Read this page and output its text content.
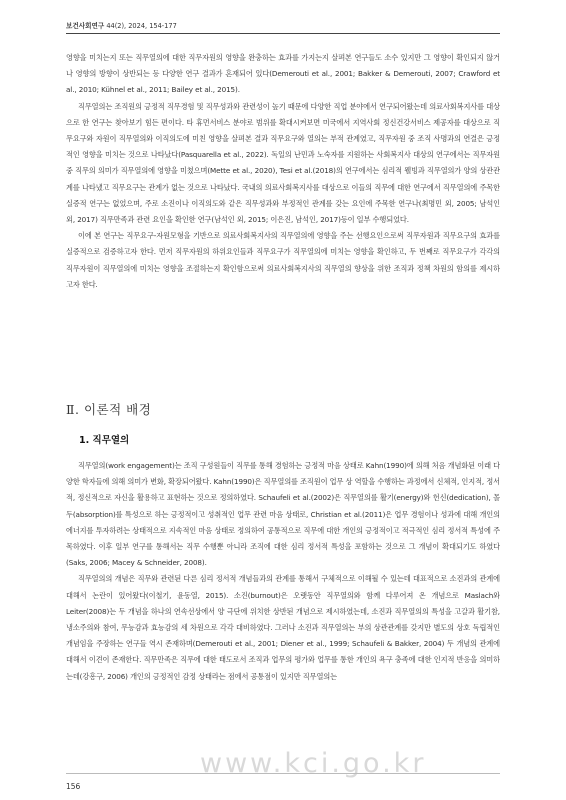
보건사회연구 44(2), 2024, 154-177

영향을 미치는지 또는 직무열의에 대한 직무자원의 영향을 완충하는 효과를 가지는지 살펴본 연구들도 소수 있지만 그 영향이 확인되지 않거나 영향의 방향이 상반되는 등 다양한 연구 결과가 혼재되어 있다(Demerouti et al., 2001; Bakker & Demerouti, 2007; Crawford et al., 2010; Kühnel et al., 2011; Bailey et al., 2015).

직무열의는 조직원의 긍정적 직무경험 및 직무성과와 관련성이 높기 때문에 다양한 직업 분야에서 연구되어왔는데 의료사회복지사를 대상으로 한 연구는 찾아보기 힘든 편이다. 타 휴먼서비스 분야로 범위를 확대시켜보면 미국에서 지역사회 정신건강서비스 제공자를 대상으로 직무요구와 자원이 직무열의와 이직의도에 미친 영향을 살펴본 결과 직무요구와 열의는 부적 관계였고, 직무자원 중 조직 사명과의 연결은 긍정적인 영향을 미치는 것으로 나타났다(Pasquarella et al., 2022). 독일의 난민과 노숙자를 지원하는 사회복지사 대상의 연구에서는 직무자원 중 직무의 의미가 직무열의에 영향을 미쳤으며(Mette et al., 2020), Tesi et al.(2018)의 연구에서는 심리적 웰빙과 직무열의가 양의 상관관계를 나타냈고 직무요구는 관계가 없는 것으로 나타났다. 국내의 의료사회복지사를 대상으로 이들의 직무에 대한 연구에서 직무열의에 주목한 실증적 연구는 없었으며, 주로 소진이나 이직의도와 같은 직무성과와 부정적인 관계를 갖는 요인에 주목한 연구나(최명민 외, 2005; 남석인 외, 2017) 직무만족과 관련 요인을 확인한 연구(남석인 외, 2015; 이은진, 남석인, 2017)등이 일부 수행되었다.

이에 본 연구는 직무요구-자원모형을 기반으로 의료사회복지사의 직무열의에 영향을 주는 선행요인으로써 직무자원과 직무요구의 효과를 실증적으로 검증하고자 한다. 먼저 직무자원의 하위요인들과 직무요구가 직무열의에 미치는 영향을 확인하고, 두 번째로 직무요구가 각각의 직무자원이 직무열의에 미치는 영향을 조절하는지 확인함으로써 의료사회복지사의 직무열의 향상을 위한 조직과 정책 차원의 함의를 제시하고자 한다.

Ⅱ. 이론적 배경
1. 직무열의

직무열의(work engagement)는 조직 구성원들이 직무를 통해 경험하는 긍정적 마음 상태로 Kahn(1990)에 의해 처음 개념화된 이래 다양한 학자들에 의해 의미가 변화, 확장되어왔다. Kahn(1990)은 직무열의를 조직원이 업무 상 역할을 수행하는 과정에서 신체적, 인지적, 정서적, 정신적으로 자신을 활용하고 표현하는 것으로 정의하였다. Schaufeli et al.(2002)은 직무열의를 활기(energy)와 헌신(dedication), 몰두(absorption)를 특성으로 하는 긍정적이고 성취적인 업무 관련 마음 상태로, Christian et al.(2011)은 업무 경험이나 성과에 대해 개인의 에너지를 투자하려는 상태적으로 지속적인 마음 상태로 정의하여 공통적으로 직무에 대한 개인의 긍정적이고 적극적인 심리 정서적 특성에 주목하였다. 이후 일부 연구를 통해서는 직무 수행뿐 아니라 조직에 대한 심리 정서적 특성을 포함하는 것으로 그 개념이 확대되기도 하였다(Saks, 2006; Macey & Schneider, 2008).

직무열의의 개념은 직무와 관련된 다른 심리 정서적 개념들과의 관계를 통해서 구체적으로 이해될 수 있는데 대표적으로 소진과의 관계에 대해서 논란이 있어왔다(이철기, 윤동열, 2015). 소진(burnout)은 오랫동안 직무열의와 함께 다루어져 온 개념으로 Maslach와 Leiter(2008)는 두 개념을 하나의 연속선상에서 양 극단에 위치한 상반된 개념으로 제시하였는데, 소진과 직무열의의 특성을 고갈과 활기참, 냉소주의와 참여, 무능감과 효능감의 세 차원으로 각각 대비하였다. 그러나 소진과 직무열의는 부의 상관관계를 갖지만 별도의 상호 독립적인 개념임을 주장하는 연구들 역시 존재하며(Demerouti et al., 2001; Diener et al., 1999; Schaufeli & Bakker, 2004) 두 개념의 관계에 대해서 이견이 존재한다. 직무만족은 직무에 대한 태도로서 조직과 업무의 평가와 업무를 통한 개인의 욕구 충족에 대한 인지적 반응을 의미하는데(강흥구, 2006) 개인의 긍정적인 감정 상태라는 점에서 공통점이 있지만 직무열의는

www.kci.go.kr
156
